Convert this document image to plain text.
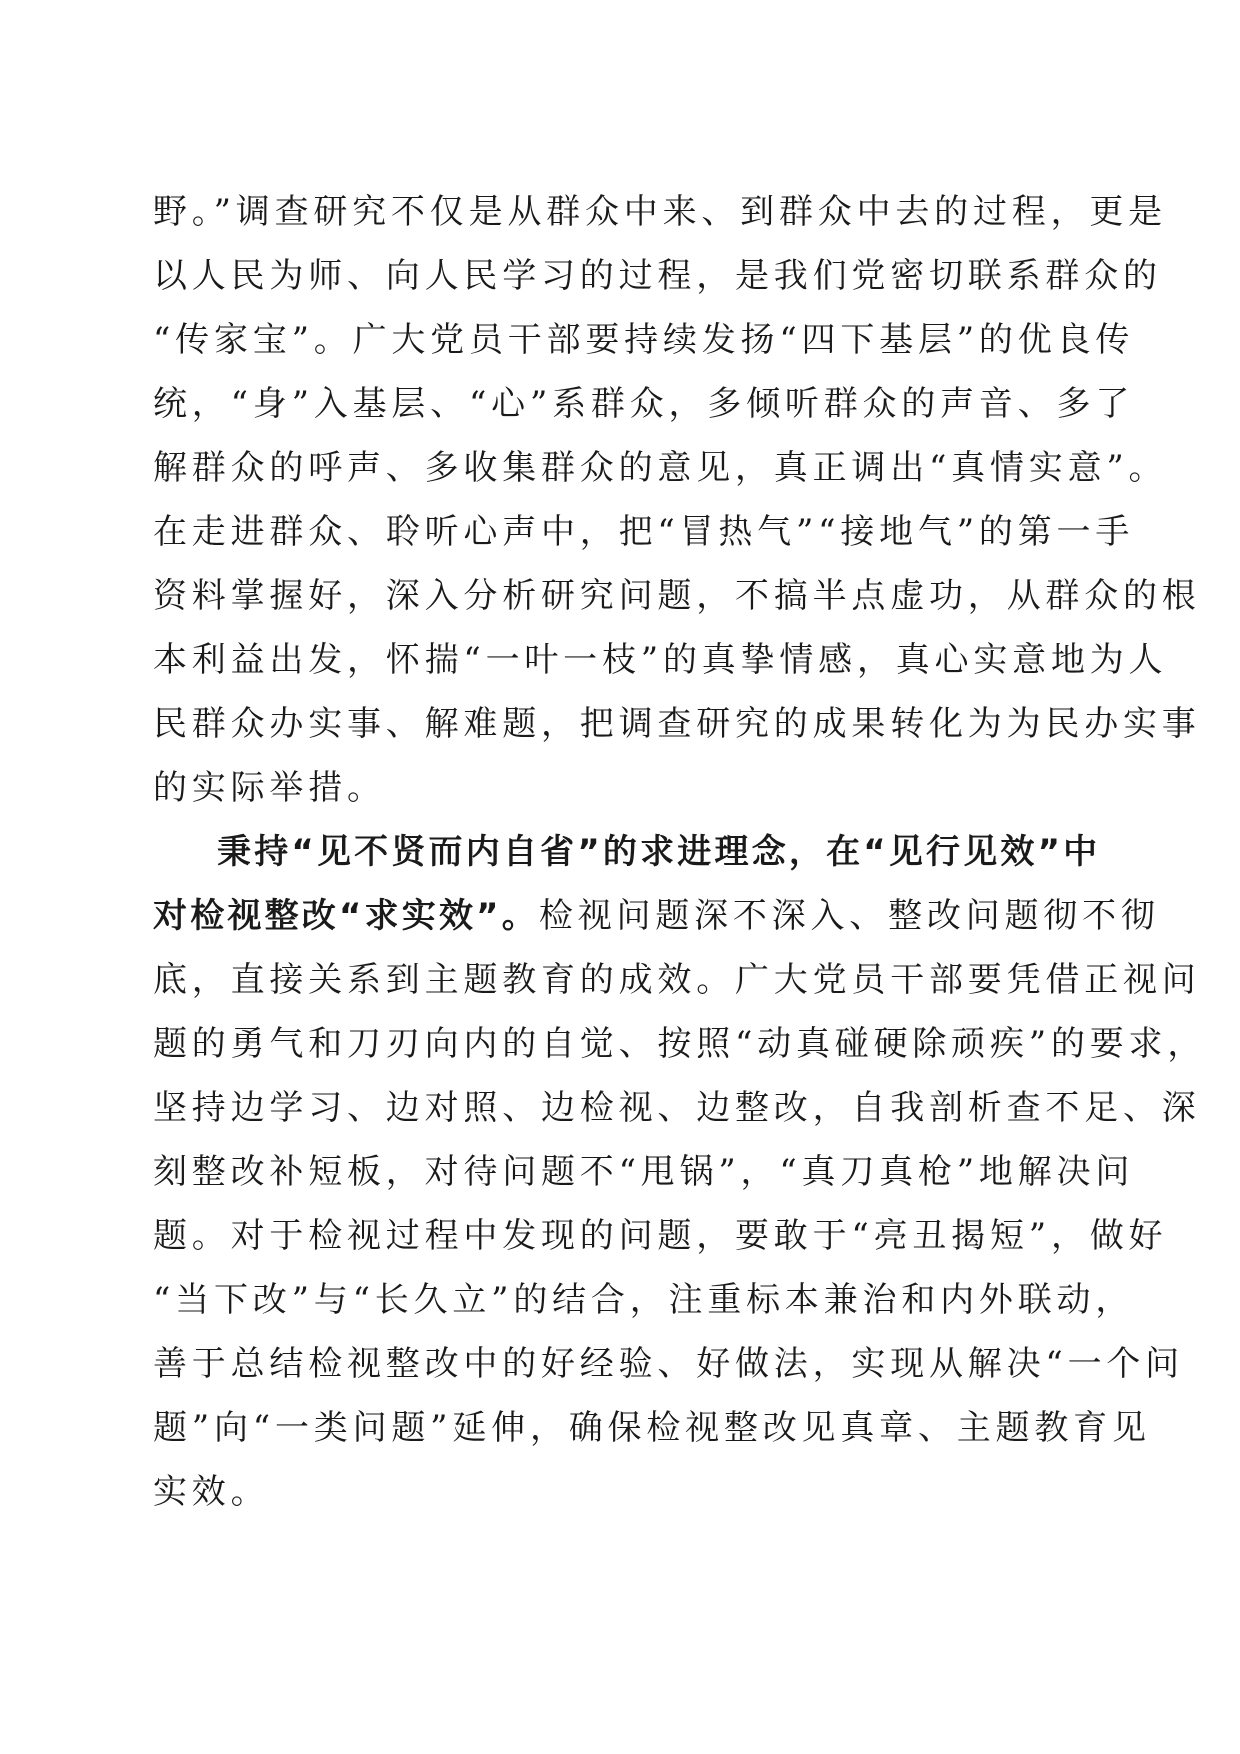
野。”调查研究不仅是从群众中来、到群众中去的过程，更是
以人民为师、向人民学习的过程，是我们党密切联系群众的
“传家宝”。广大党员干部要持续发扬“四下基层”的优良传
统，“身”入基层、“心”系群众，多倾听群众的声音、多了
解群众的呼声、多收集群众的意见，真正调出“真情实意”。
在走进群众、聆听心声中，把“冒热气”“接地气”的第一手
资料掌握好，深入分析研究问题，不搞半点虚功，从群众的根
本利益出发，怀揣“一叶一枝”的真挚情感，真心实意地为人
民群众办实事、解难题，把调查研究的成果转化为为民办实事
的实际举措。
秉持“见不贤而内自省”的求进理念，在“见行见效”中
对检视整改“求实效”。检视问题深不深入、整改问题彻不彻
底，直接关系到主题教育的成效。广大党员干部要凭借正视问
题的勇气和刀刃向内的自觉、按照“动真碰硬除顽疾”的要求，
坚持边学习、边对照、边检视、边整改，自我剖析查不足、深
刻整改补短板，对待问题不“甩锅”，“真刀真枪”地解决问
题。对于检视过程中发现的问题，要敢于“亮丑揭短”，做好
“当下改”与“长久立”的结合，注重标本兼治和内外联动，
善于总结检视整改中的好经验、好做法，实现从解决“一个问
题”向“一类问题”延伸，确保检视整改见真章、主题教育见
实效。
